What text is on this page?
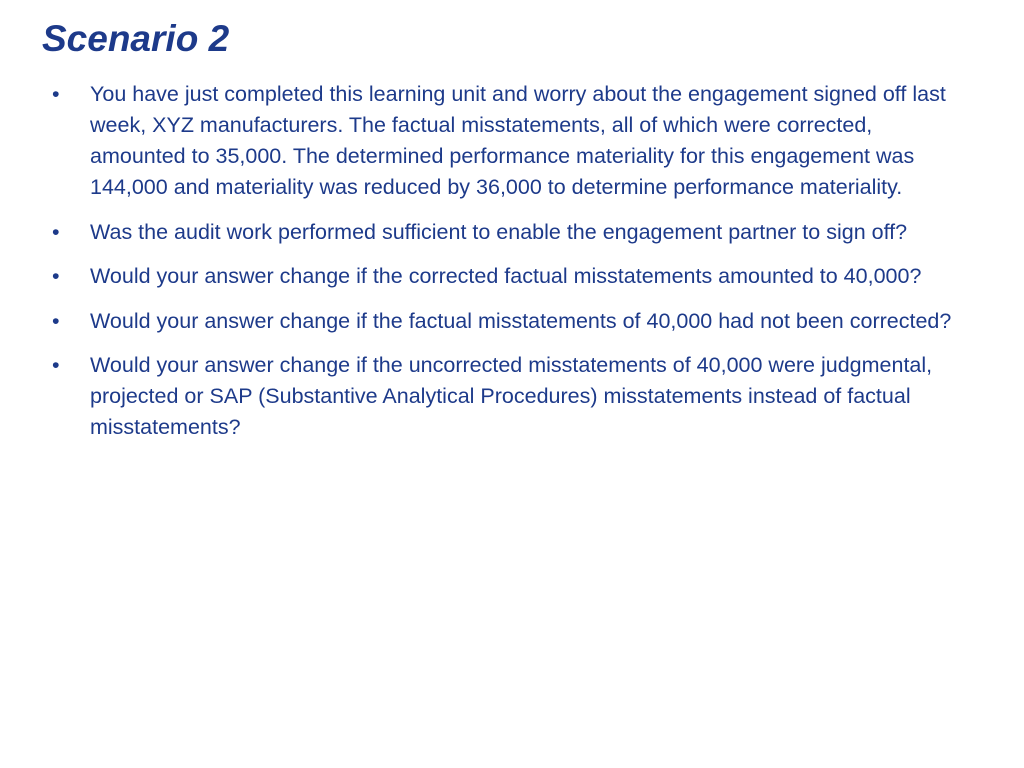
Scenario 2
•	You have just completed this learning unit and worry about the engagement signed off last week, XYZ manufacturers. The factual misstatements, all of which were corrected, amounted to 35,000. The determined performance materiality for this engagement was 144,000 and materiality was reduced by 36,000 to determine performance materiality.
•	Was the audit work performed sufficient to enable the engagement partner to sign off?
•	Would your answer change if the corrected factual misstatements amounted to 40,000?
•	Would your answer change if the factual misstatements of 40,000 had not been corrected?
•	Would your answer change if the uncorrected misstatements of 40,000 were judgmental, projected or SAP (Substantive Analytical Procedures) misstatements instead of factual misstatements?
